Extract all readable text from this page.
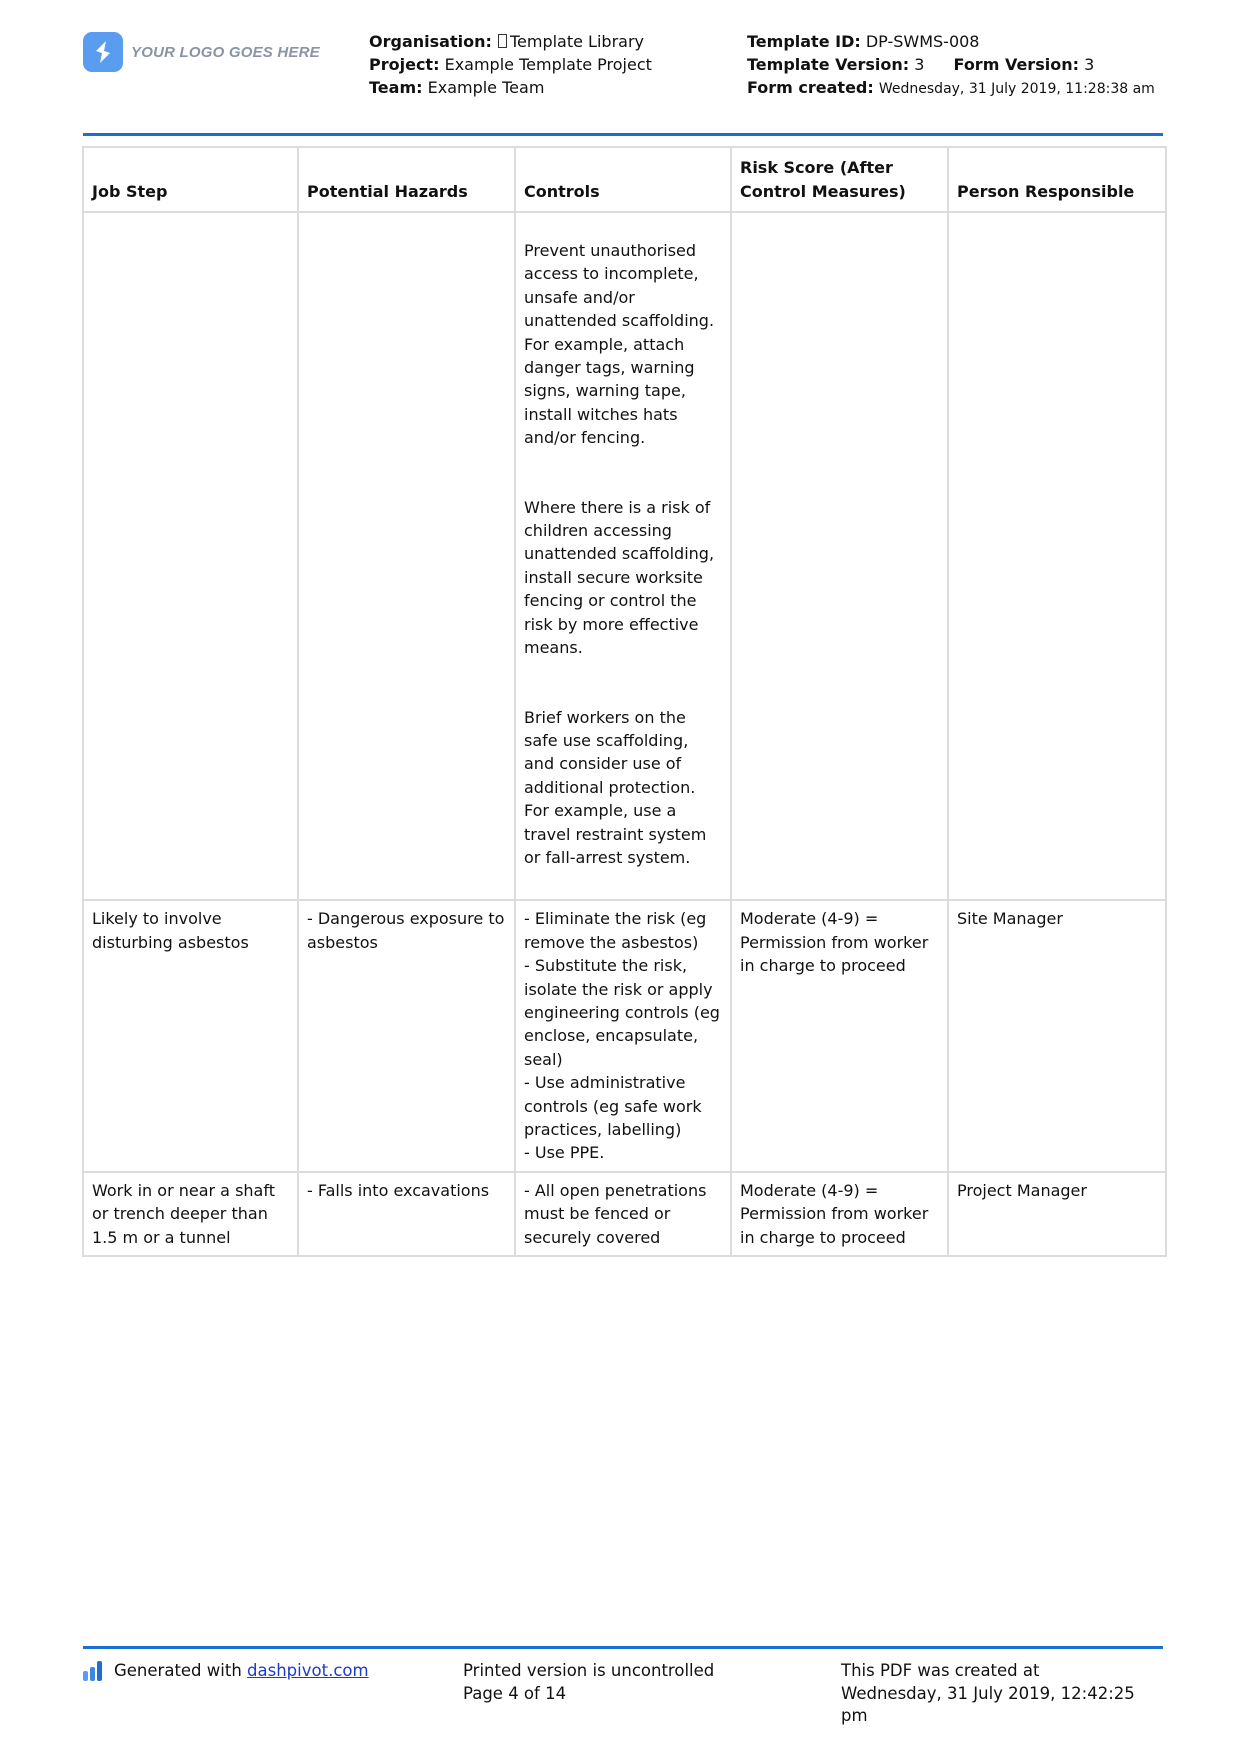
YOUR LOGO GOES HERE
Organisation: Template Library
Project: Example Template Project
Team: Example Team
Template ID: DP-SWMS-008
Template Version: 3 Form Version: 3
Form created: Wednesday, 31 July 2019, 11:28:38 am
Job Step	Potential Hazards	Controls	Risk Score (After Control Measures)	Person Responsible

		Prevent unauthorised access to incomplete, unsafe and/or unattended scaffolding. For example, attach danger tags, warning signs, warning tape, install witches hats and/or fencing.
Where there is a risk of children accessing unattended scaffolding, install secure worksite fencing or control the risk by more effective means.
Brief workers on the safe use scaffolding, and consider use of additional protection. For example, use a travel restraint system or fall-arrest system.		

Likely to involve disturbing asbestos	- Dangerous exposure to asbestos	- Eliminate the risk (eg remove the asbestos)
- Substitute the risk, isolate the risk or apply engineering controls (eg enclose, encapsulate, seal)
- Use administrative controls (eg safe work practices, labelling)
- Use PPE.	Moderate (4-9) = Permission from worker in charge to proceed	Site Manager
Work in or near a shaft or trench deeper than 1.5 m or a tunnel	- Falls into excavations	- All open penetrations must be fenced or securely covered	Moderate (4-9) = Permission from worker in charge to proceed	Project Manager
Generated with
dashpivot.com	Printed version is uncontrolled
Page 4 of 14
This PDF was created at
Wednesday, 31 July 2019, 12:42:25 pm
